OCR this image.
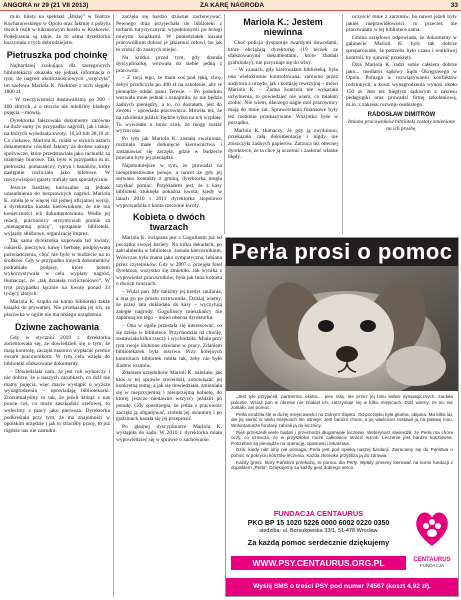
ANGORA nr 29 (21 VII 2013)	ZA KARĘ NAGRODA	33

m.in. bilety na spektakl „Bliżej” w Teatrze Kochanowskiego w Opolu oraz fakturę z pobytu dwóch osób w luksusowym hotelu w Krakowie. Podejrzenia są takie, że to sama dyrektorka korzystała z tych dobrodziejstw.

Pietruszka pod choinkę

Najbardziej szokująca dla szeregowych bibliotekarzy okazała się jednak informacja o tym, ile nagród okolicznościowych „wręczyła” im szefowa Mariola K. Niektóre z nich sięgały 1800 zł.

– W rzeczywistości dostawaliśmy po 200 – 400 złotych, a o reszcie nie mieliśmy bladego pojęcia – mówią.

Dyrektorka fałszowała dokumenty zarówno na duże sumy (w przypadku nagród), jak i takie, na których wyłudzała kwoty: 16,50 lub 28,10 zł. Co ciekawe, Mariola K. miała w swoich aktach dokumentów również faktury za drobne zakupy spożywcze, które przedstawiała jako rachunki za materiały biurowe. Tak było w przypadku m.in. pietruszki, pomarańczy, cytryn i bananów, które następnie rozliczała jako biletowe. W rzeczywistości gazety trafiały tam sporadycznie.

Jeszcze bardziej kuriozalne są jednak uzasadnienia do bezprawnych nagród. Mariola K. robiła je w więcej niż jednej oficjalnej wersji, a dyrektorka kazała kierownikom, że nie ma konieczności ich dokumentowania. Wedle jej relacji, pracownicy otrzymywali premie za „nienaganną pracę”, sprzątanie biblioteki, wyjazdy służbowe, organizację imprez.

Tak sama dyrektorka kupowała też kwiaty, cukierki, pieczywo, kawę i herbatę, podpisywała poświadczenia, choć nie było w budżecie na to środków. Gdy w przypadku innych dokumentów podrabiała podpisy, które potem wykorzystywała w celu wypłaty nagród, tłumacząc, że „tak działała rozliczeniowo”. W tym przypadku łącznie na kwotę ponad 33 tysięcy złotych.

Mariola K. kupiła na konto biblioteki także książki do prywatnej. Nie przekazała jej ich, ze placówka w ogóle nie ma takiego urządzenia.

Dziwne zachowania

Gdy w styczniu 2010 r. dyrektorka zorientowała się, że dowiedzieli się o tym, że mają kontrolę, zaczęła masowo wypłacać premie swoim pracownikom. W tym celu wzięła do biblioteki sfałszowane dokumenty.

– Dowiedziała nam, że jest rok wyborczy i nie dobrze, że o naszych zarobkach, co dziś nie mamy pojęcia, więc macie wystąpić o wyższe wynagrodzenia – opowiadają bibliotekarki. Zrozumiałyśmy to tak, że jeżeli którąś z nas powie coś, co może zaszkodzić szefowej, to wylecimy z pracy jako pierwsza. Dyrektorka podkreślała przy tym, że ma znajomości w opolskim urzędzie i jak to straciłby pracę, to już nigdzie nas nie zatrudni.

zaczęła się bardzo dziwnie zachowywać. Pewnego dnia przyjechała do biblioteki z torbami turystycznymi wypełnionymi po brzegi nowymi książkami. W poniedziałek kazała pracownikom dobrać je jakiemuś celowi, bo jak to zrobić do znanych miejsc.

Na krótko przed tym, gdy dostała dyscyplinarkę, wezwała do siebie jedną z pracownic.

– Z racji tego, że mam coś pod ręką, chcę, żebyś przeliczyła po 400 zł na szkolenie, aby te pieniądze oddać panu Teresie. – Po południu wezwała mnie jednak i oznajmiła, że nie będzie żadnych pieniędzy, a to, co dostałam, jest do zwrotu – opowiada pracownica. Mówiła też, że na szkolenia jeździć będzie tylko na ich wypłatę. To wywołało u mnie szok, że mogę zostać wyrzucona.

Po tym jak Mariola K. została zwolniona, rozmiała małe dotknięcie kierownictwa i zastanawiać się zaczęła, gdzie w budżecie powiatu były jej pieniądze.

Najsmutniejsze w tym, że prowadzi na nieoprotestowane pensje, a nawet że gdy jej zerwano kontakty z gminą, dyrektorka mogła uzyskać pomoc. Przykładem jest, że z kasy biblioteki zniknęła pokaźna kwota, kiedy w latach 2010 i 2011 dyrektorka stopniowo wyprowadziła z konta rzeczone kwoty.

Kobieta o dwóch twarzach

Mariola K. związana jest z Gogolinem już od początku swojej kariery. Na kilku dekadach, po zatrudnieniu w bibliotece, została kierownikiem. Wówczas była znana jako sympatyczna, lubiana przez czytelników. Gdy w 2007 r. przejęła fotel dyrektora, wszystko się zmieniło. Jak wynika z wypowiedzi pracowników, była jak inna kobieta o dwóch twarzach.

– Widzi pan. My daliśmy jej kredyt zaufania, a ona go po prostu roztrwoniła. Dzisiaj wiemy, że przez lata dokładała do kasy – wyczytują zaległe nagrody. Gogolińscy mieszkańcy nie zapomną im tego – mówi obecna dyrektorka.

– Ona w ogóle przestała się interesować, co się dzieje w bibliotece. Przychodziła na chwilę, zostawiała kilka rzeczy i wychodziła. Miała przy tym swoje ulubione stawiane w pracy. Zdaniem bibliotekarek była mściwa. Przy kolejnych kontrolach bibliotek robiła tak, żeby nie było śladów rozmów.

Zdaniem urzędników Marioli K. należało, jak ktoś w tej sprawie stwierdził, zobowiązać jej konkretną sumę, a jak się dowiedziała, zmieniała się w nieprzyjemną i nieuprzejmą kobietę, do której jeszcze niedawno wszyscy jeździli po poradę. Gdy spostrzegła, że jedna z pracownic zaczęła ją obgadywać, zrobiła jej awanturę i po godzinach kazała się jej przeprosić.

Po głośnej dyscyplinarce Mariola K. wystąpiła do sądu. W 2010 r. dyrektorka miała wypowiedzieć się w sprawie o zachowanie.

Mariola K.: Jestem niewinna

Choć policja dysponuje twardymi dowodami, które obciążają dyrektorkę (19 teczek ze sfałszowanymi dokumentami, które zbadali grafolodzy), nie przyznaje się do winy.

– W czasach, gdy kierowałam biblioteką, była ona wielokrotnie kontrolowana, zarówno przez audytora z urzędu, jak i komisję rewizyjną – mówi Mariola K. – Żadna kontrola nie wykazała uchybienia, to powiedzieć nie wiem, co miałam zrobić. Nie wiem, dlaczego nagle moi pracownicy mają do mnie żal. Sprawozdania finansowe były też rzetelnie przekazywane. Wszystko było w porządku.

Mariola K. tłumaczy, że gdy ją zwolniono, przekazała całą dokumentację i nigdy nie zniszczyła żadnych papierów. Zarzuca też obecnej dyrektorce, że ta chce ją oczernić i zasłonić własne błędy.

oczyścić mnie z zarzutów, bo nawet jeżeli były jakieś nieprawidłowości, to przecież nie pracowałam w tej bibliotece sama.

Gmina urzędowo odpowiada, że dokumenty w gabinecie Marioli K. były tak dobrze spreparowane, że potrzeba było czasu i wnikliwej kontroli, by ujawnić przekręty.

Dziś Mariola K. radzi sobie całkiem dobrze jako... mediator sądowy Sądu Okręgowego w Opolu. Pomaga w rozwiązywaniu konfliktów rodzinnych, a koszt wynagrodzenia wynosi około 150 zł. Jest też biegłym sądowym z zakresu pedagogiki oraz prowadzi firmę szkoleniową, m.in. z zakresu rozwoju osobistego.

RADOSŁAW DIMITROW
Imiona pracowników biblioteki zostały zmienione na ich prośbę.
Perła prosi o pomoc

„Jest tyle przyjaciół, partnerów, ekstra… pies rasy, ale przez jej bólu ledwo sympatycznych, zaufała pokusie. Wciąż pan w okresie nie znalazł ich, zatrzymuje się w kilku miejscach. Dziś wiemy, że nic nie zostało, ani pomoc.

Perła urodziła się w dużej miejscowości na Dolnym Śląsku. Od początku była głodna, obijana. Ma kilka lat, ale jej sierść w wielu miejscach nie istnieje. Jest bardzo chora, a jej właściciel zostawił ją na pastwę losu. Wolontariusze fundacji zabrali ją do lecznicy.

Pies przeszedł wiele badań i przechodzi długotrwałe leczenie. Weterynarz stwierdził, że Perła ma chore oczy, co oznacza, że w przyszłości może całkowicie stracić wzrok. Leczenie jest bardzo kosztowne. Potrzebne są pieniądze na operację, opatrunki i lekarstwa.

Dziś, kiedy nikt inny nie pomaga, Perła jest pod opieką naszej fundacji. Zwracamy się do Państwa o pomoc w pokryciu kosztów leczenia. Każda złotówka przybliża ją do zdrowia.

Każdy grosz, który Państwo przekażą, to pomoc dla Perły. Wpłaty prosimy kierować na konto fundacji z dopiskiem „Perła”. Dziękujemy za każdy gest dobrego serca.

FUNDACJA CENTAURUS
PKO BP 15 1020 5226 0000 6002 0220 0350
siedziba: ul. Borsukowska 33/1, 51-478 Wrocław
Za każdą pomoc serdecznie dziękujemy
CENTAURUS
FUNDACJA
WWW.PSY.CENTAURUS.ORG.PL
Wyślij SMS o treści PSY pod numer 74567 (koszt 4,92 zł).
